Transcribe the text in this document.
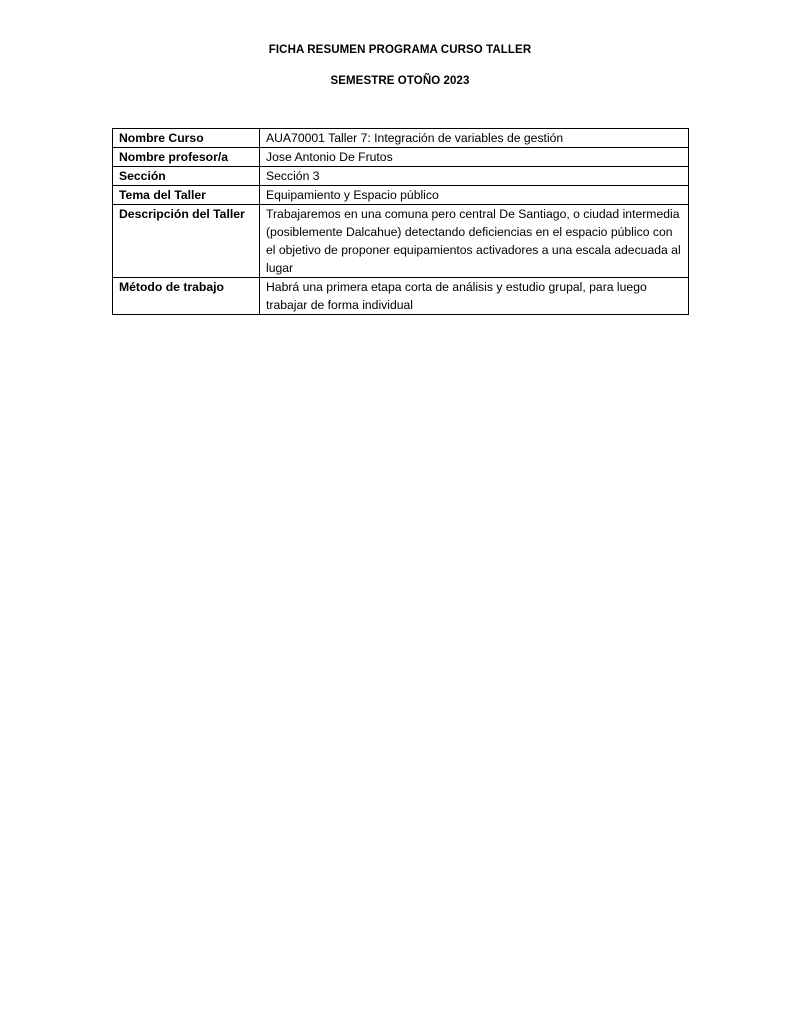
FICHA RESUMEN PROGRAMA CURSO TALLER
SEMESTRE OTOÑO 2023
Nombre Curso	AUA70001 Taller 7: Integración de variables de gestión
Nombre profesor/a	Jose Antonio De Frutos
Sección	Sección 3
Tema del Taller	Equipamiento y Espacio público
Descripción del Taller	Trabajaremos en una comuna pero central De Santiago, o ciudad intermedia (posiblemente Dalcahue) detectando deficiencias en el espacio público con el objetivo de proponer equipamientos activadores a una escala adecuada al lugar
Método de trabajo	Habrá una primera etapa corta de análisis y estudio grupal, para luego trabajar de forma individual
